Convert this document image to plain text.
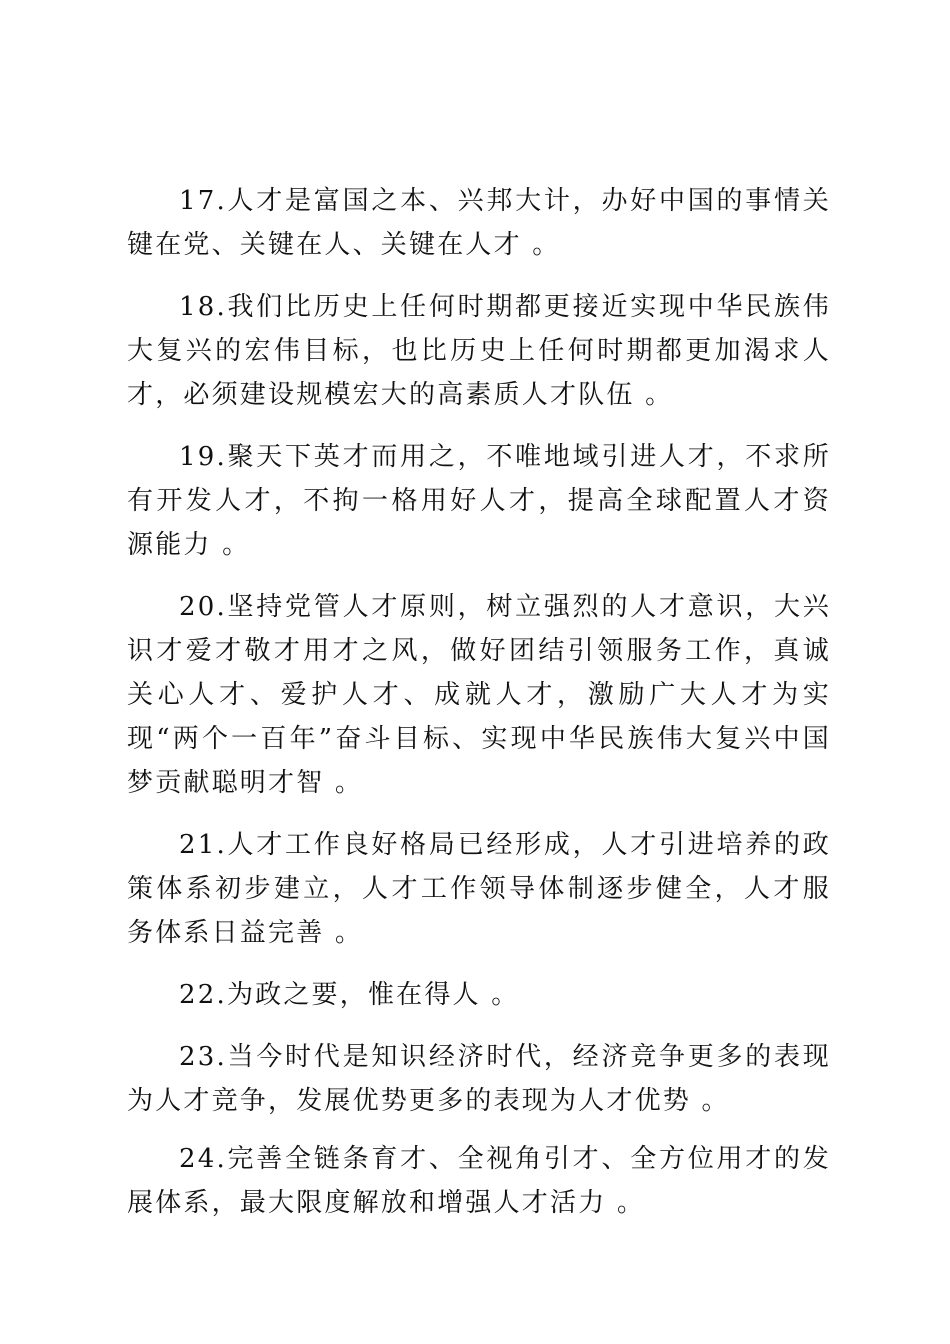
17.人才是富国之本、兴邦大计，办好中国的事情关键在党、关键在人、关键在人才 。

18.我们比历史上任何时期都更接近实现中华民族伟大复兴的宏伟目标，也比历史上任何时期都更加渴求人才，必须建设规模宏大的高素质人才队伍 。

19.聚天下英才而用之，不唯地域引进人才，不求所有开发人才，不拘一格用好人才，提高全球配置人才资源能力 。

20.坚持党管人才原则，树立强烈的人才意识，大兴识才爱才敬才用才之风，做好团结引领服务工作，真诚关心人才、爱护人才、成就人才，激励广大人才为实现“两个一百年”奋斗目标、实现中华民族伟大复兴中国梦贡献聪明才智 。

21.人才工作良好格局已经形成，人才引进培养的政策体系初步建立，人才工作领导体制逐步健全，人才服务体系日益完善 。

22.为政之要，惟在得人 。

23.当今时代是知识经济时代，经济竞争更多的表现为人才竞争，发展优势更多的表现为人才优势 。

24.完善全链条育才、全视角引才、全方位用才的发展体系，最大限度解放和增强人才活力 。
